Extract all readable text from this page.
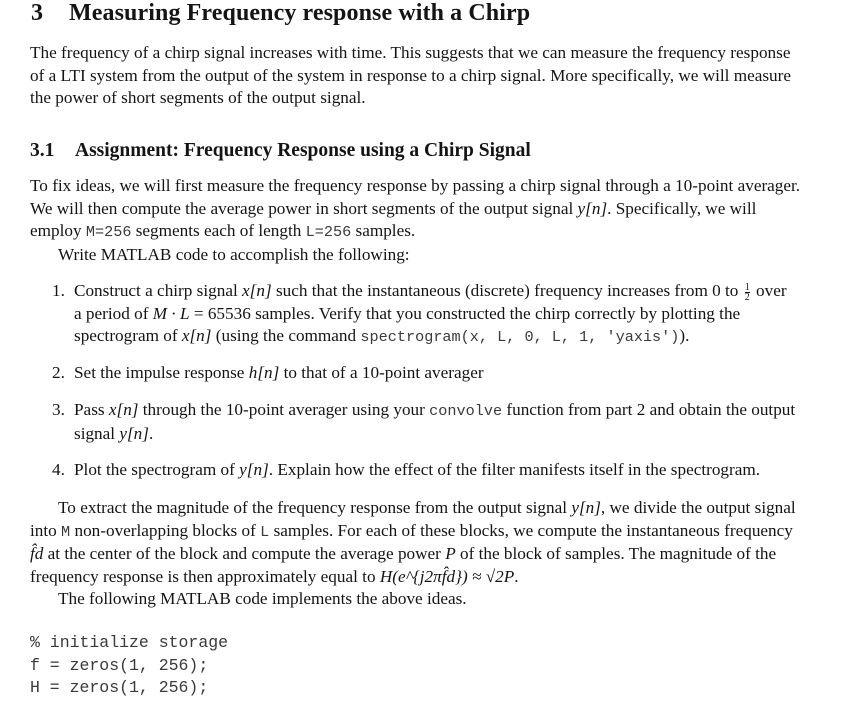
3 Measuring Frequency response with a Chirp
The frequency of a chirp signal increases with time. This suggests that we can measure the frequency response
of a LTI system from the output of the system in response to a chirp signal. More specifically, we will measure
the power of short segments of the output signal.
3.1 Assignment: Frequency Response using a Chirp Signal
To fix ideas, we will first measure the frequency response by passing a chirp signal through a 10-point averager.
We will then compute the average power in short segments of the output signal y[n]. Specifically, we will
employ M=256 segments each of length L=256 samples.
Write MATLAB code to accomplish the following:
1. Construct a chirp signal x[n] such that the instantaneous (discrete) frequency increases from 0 to $\frac{1}{2}$ over
a period of M · L = 65536 samples. Verify that you constructed the chirp correctly by plotting the
spectrogram of x[n] (using the command spectrogram(x, L, 0, L, 1, 'yaxis')).
2. Set the impulse response h[n] to that of a 10-point averager
3. Pass x[n] through the 10-point averager using your convolve function from part 2 and obtain the output
signal y[n].
4. Plot the spectrogram of y[n]. Explain how the effect of the filter manifests itself in the spectrogram.
To extract the magnitude of the frequency response from the output signal y[n], we divide the output signal
into M non-overlapping blocks of L samples. For each of these blocks, we compute the instantaneous frequency
f̂d at the center of the block and compute the average power P of the block of samples. The magnitude of the
frequency response is then approximately equal to H(e^{j2πf̂d}) ≈ √2P.
The following MATLAB code implements the above ideas.
% initialize storage
f = zeros(1, 256);
H = zeros(1, 256);
